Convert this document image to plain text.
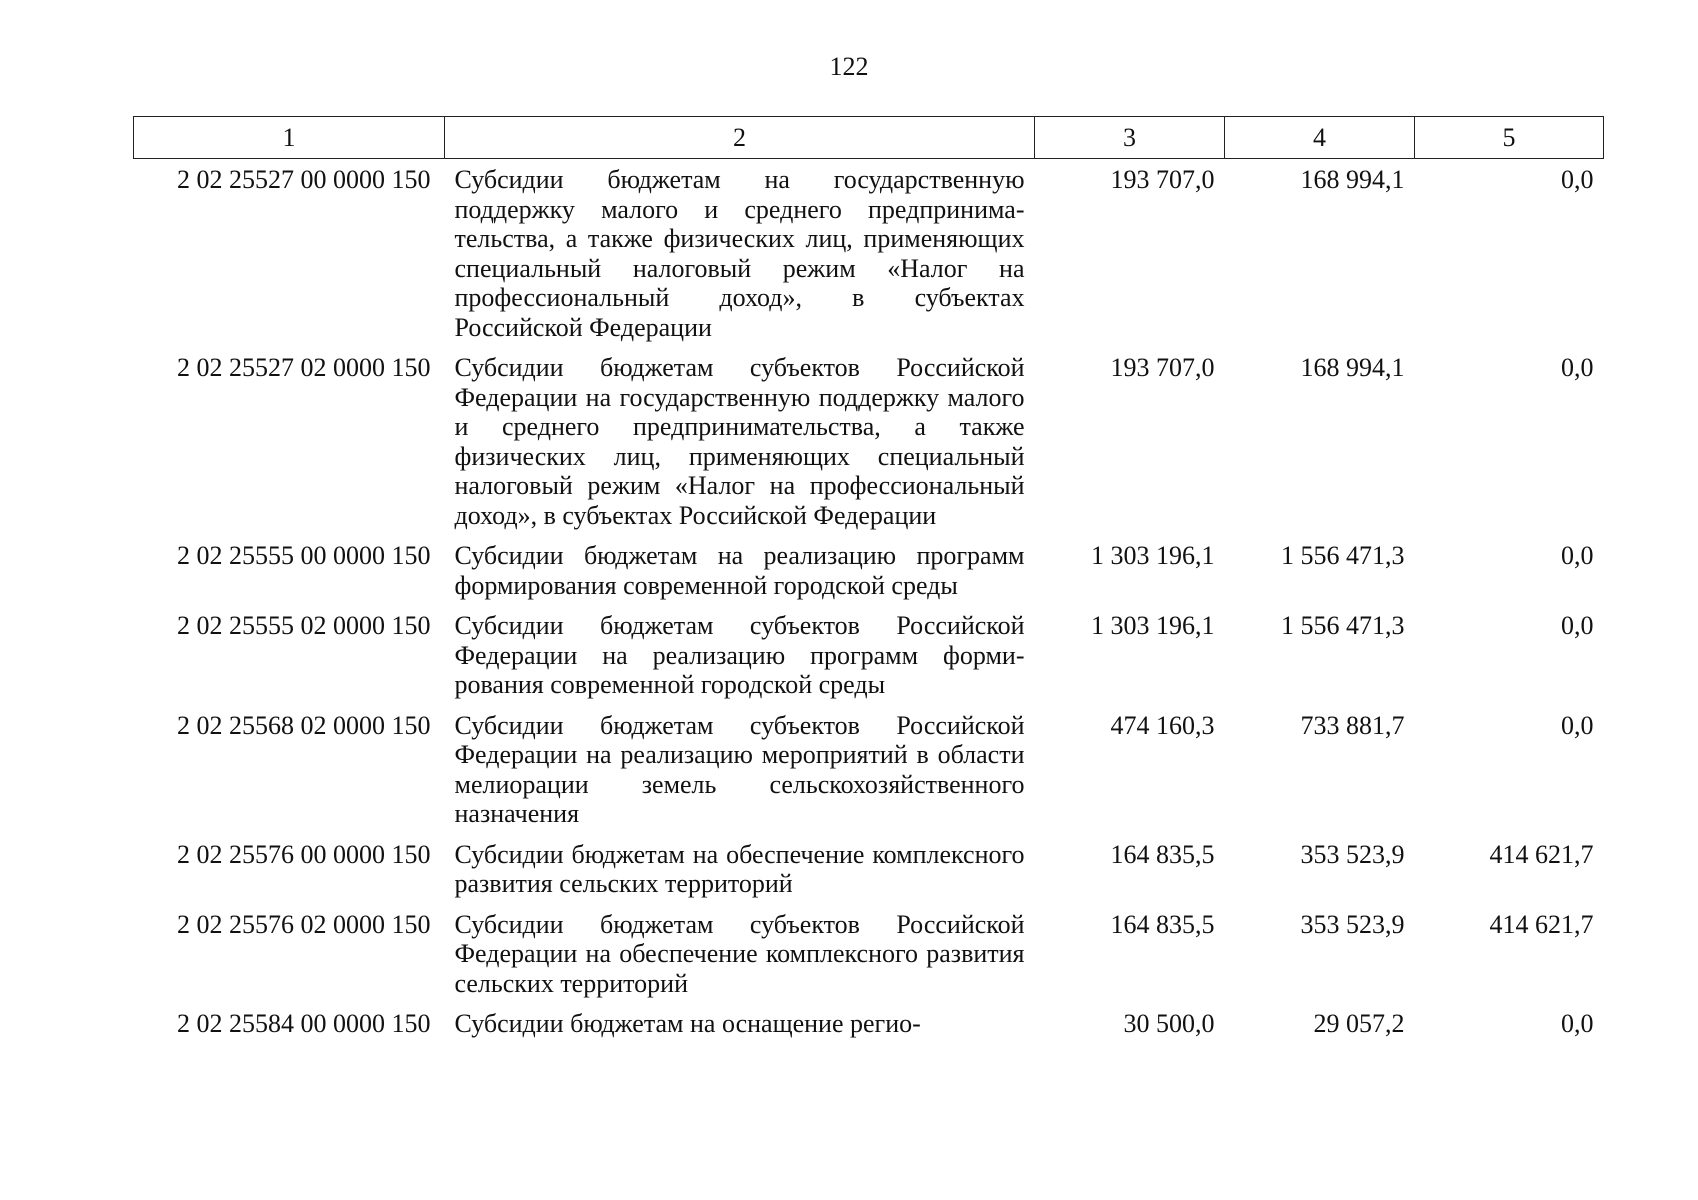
122
1	2	3	4	5
2 02 25527 00 0000 150	Субсидии бюджетам на государственную поддержку малого и среднего предпринимательства, а также физических лиц, применяющих специальный налоговый режим «Налог на профессиональный доход», в субъектах Российской Федерации	193 707,0	168 994,1	0,0
2 02 25527 02 0000 150	Субсидии бюджетам субъектов Российской Федерации на государственную поддержку малого и среднего предпринимательства, а также физических лиц, применяющих специальный налоговый режим «Налог на профессиональный доход», в субъектах Российской Федерации	193 707,0	168 994,1	0,0
2 02 25555 00 0000 150	Субсидии бюджетам на реализацию программ формирования современной городской среды	1 303 196,1	1 556 471,3	0,0
2 02 25555 02 0000 150	Субсидии бюджетам субъектов Российской Федерации на реализацию программ формирования современной городской среды	1 303 196,1	1 556 471,3	0,0
2 02 25568 02 0000 150	Субсидии бюджетам субъектов Российской Федерации на реализацию мероприятий в области мелиорации земель сельскохозяйственного назначения	474 160,3	733 881,7	0,0
2 02 25576 00 0000 150	Субсидии бюджетам на обеспечение комплексного развития сельских территорий	164 835,5	353 523,9	414 621,7
2 02 25576 02 0000 150	Субсидии бюджетам субъектов Российской Федерации на обеспечение комплексного развития сельских территорий	164 835,5	353 523,9	414 621,7
2 02 25584 00 0000 150	Субсидии бюджетам на оснащение регио-	30 500,0	29 057,2	0,0
